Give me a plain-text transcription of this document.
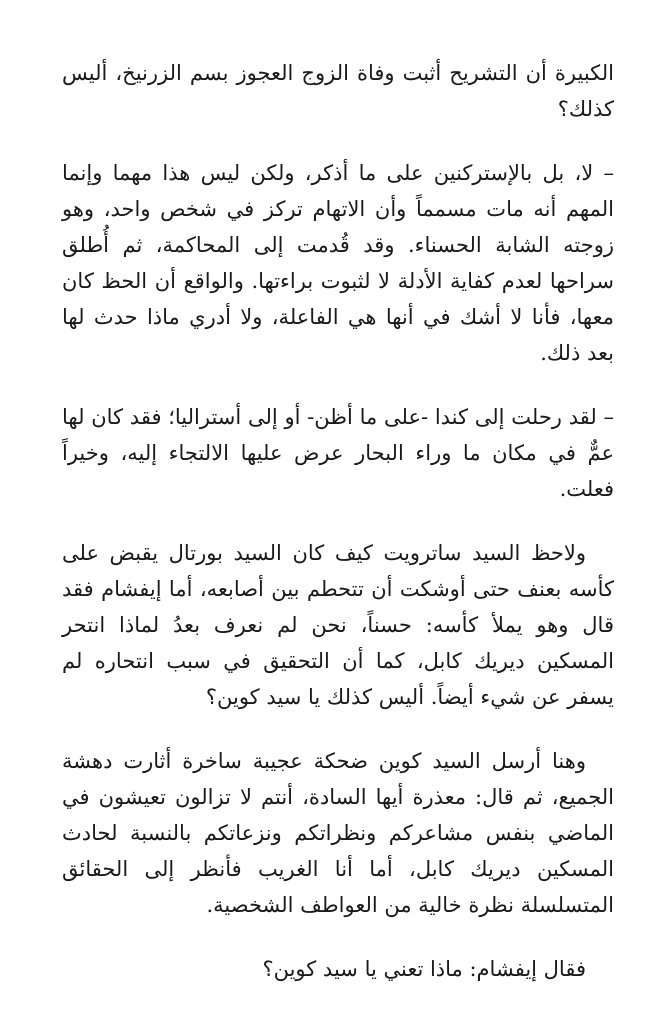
الكبيرة أن التشريح أثبت وفاة الزوج العجوز بسم الزرنيخ، أليس كذلك؟

– لا، بل بالإستركنين على ما أذكر، ولكن ليس هذا مهما وإنما المهم أنه مات مسمماً وأن الاتهام تركز في شخص واحد، وهو زوجته الشابة الحسناء. وقد قُدمت إلى المحاكمة، ثم أُطلق سراحها لعدم كفاية الأدلة لا لثبوت براءتها. والواقع أن الحظ كان معها، فأنا لا أشك في أنها هي الفاعلة، ولا أدري ماذا حدث لها بعد ذلك.

– لقد رحلت إلى كندا -على ما أظن- أو إلى أستراليا؛ فقد كان لها عمٌّ في مكان ما وراء البحار عرض عليها الالتجاء إليه، وخيراً فعلت.

ولاحظ السيد ساترويت كيف كان السيد بورتال يقبض على كأسه بعنف حتى أوشكت أن تتحطم بين أصابعه، أما إيفشام فقد قال وهو يملأ كأسه: حسناً، نحن لم نعرف بعدُ لماذا انتحر المسكين ديريك كابل، كما أن التحقيق في سبب انتحاره لم يسفر عن شيء أيضاً. أليس كذلك يا سيد كوين؟

وهنا أرسل السيد كوين ضحكة عجيبة ساخرة أثارت دهشة الجميع، ثم قال: معذرة أيها السادة، أنتم لا تزالون تعيشون في الماضي بنفس مشاعركم ونظراتكم ونزعاتكم بالنسبة لحادث المسكين ديريك كابل، أما أنا الغريب فأنظر إلى الحقائق المتسلسلة نظرة خالية من العواطف الشخصية.

فقال إيفشام: ماذا تعني يا سيد كوين؟
